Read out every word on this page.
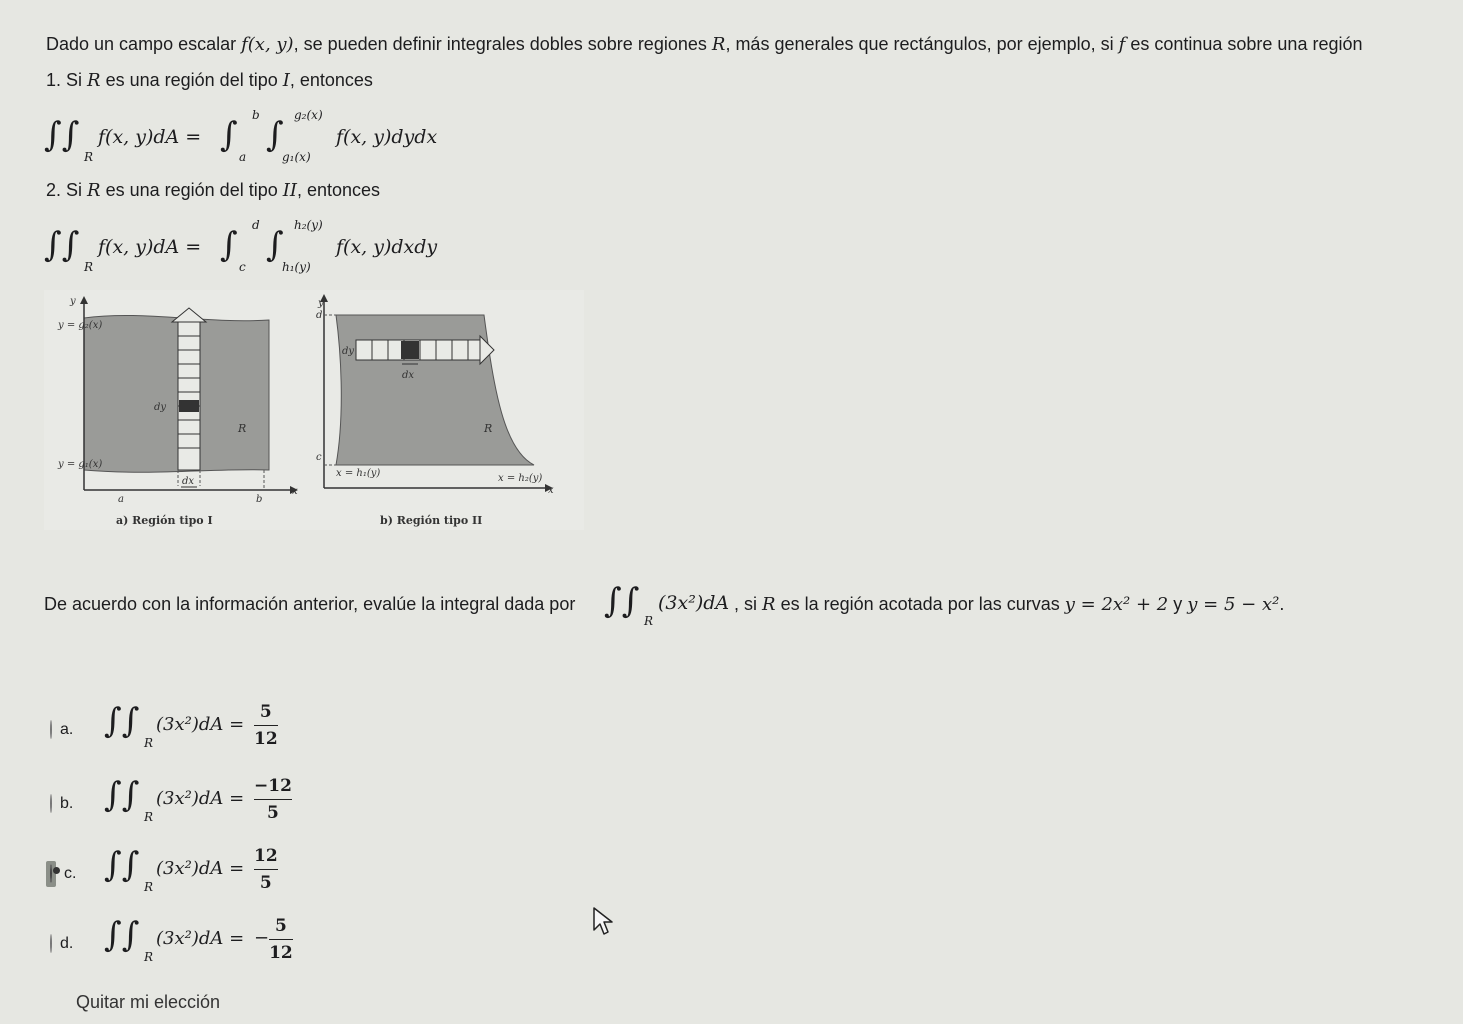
Dado un campo escalar f(x, y), se pueden definir integrales dobles sobre regiones R, más generales que rectángulos, por ejemplo, si f es continua sobre una región
1. Si R es una región del tipo I, entonces
∫∫
R
f(x, y)dA = ∫ b
a
∫ g₂(x)
g₁(x)
f(x, y)dydx
2. Si R es una región del tipo II, entonces
∫∫
R
f(x, y)dA = ∫ d
c
∫ h₂(y)
h₁(y)
f(x, y)dxdy
y = g₂(x)
y = g₁(x)
y
x
dy
dx
R
a	b
a) Región tipo I
y
d
c
dy
dx
R
x = h₁(y)	x = h₂(y)
x
b) Región tipo II
De acuerdo con la información anterior, evalúe la integral dada por ∫∫ R
(3x²)dA , si R es la región acotada por las curvas y = 2x² + 2 y y = 5 − x².
a. ∫∫
R
$(3x^2)dA = \frac{5}{12}$
b. ∫∫
R
$(3x^2)dA = \frac{-12}{5}$
c. ∫∫
R
$(3x^2)dA = \frac{12}{5}$
d. ∫∫
R
(3x²)dA = − $\frac{5}{12}$
Quitar mi elección
